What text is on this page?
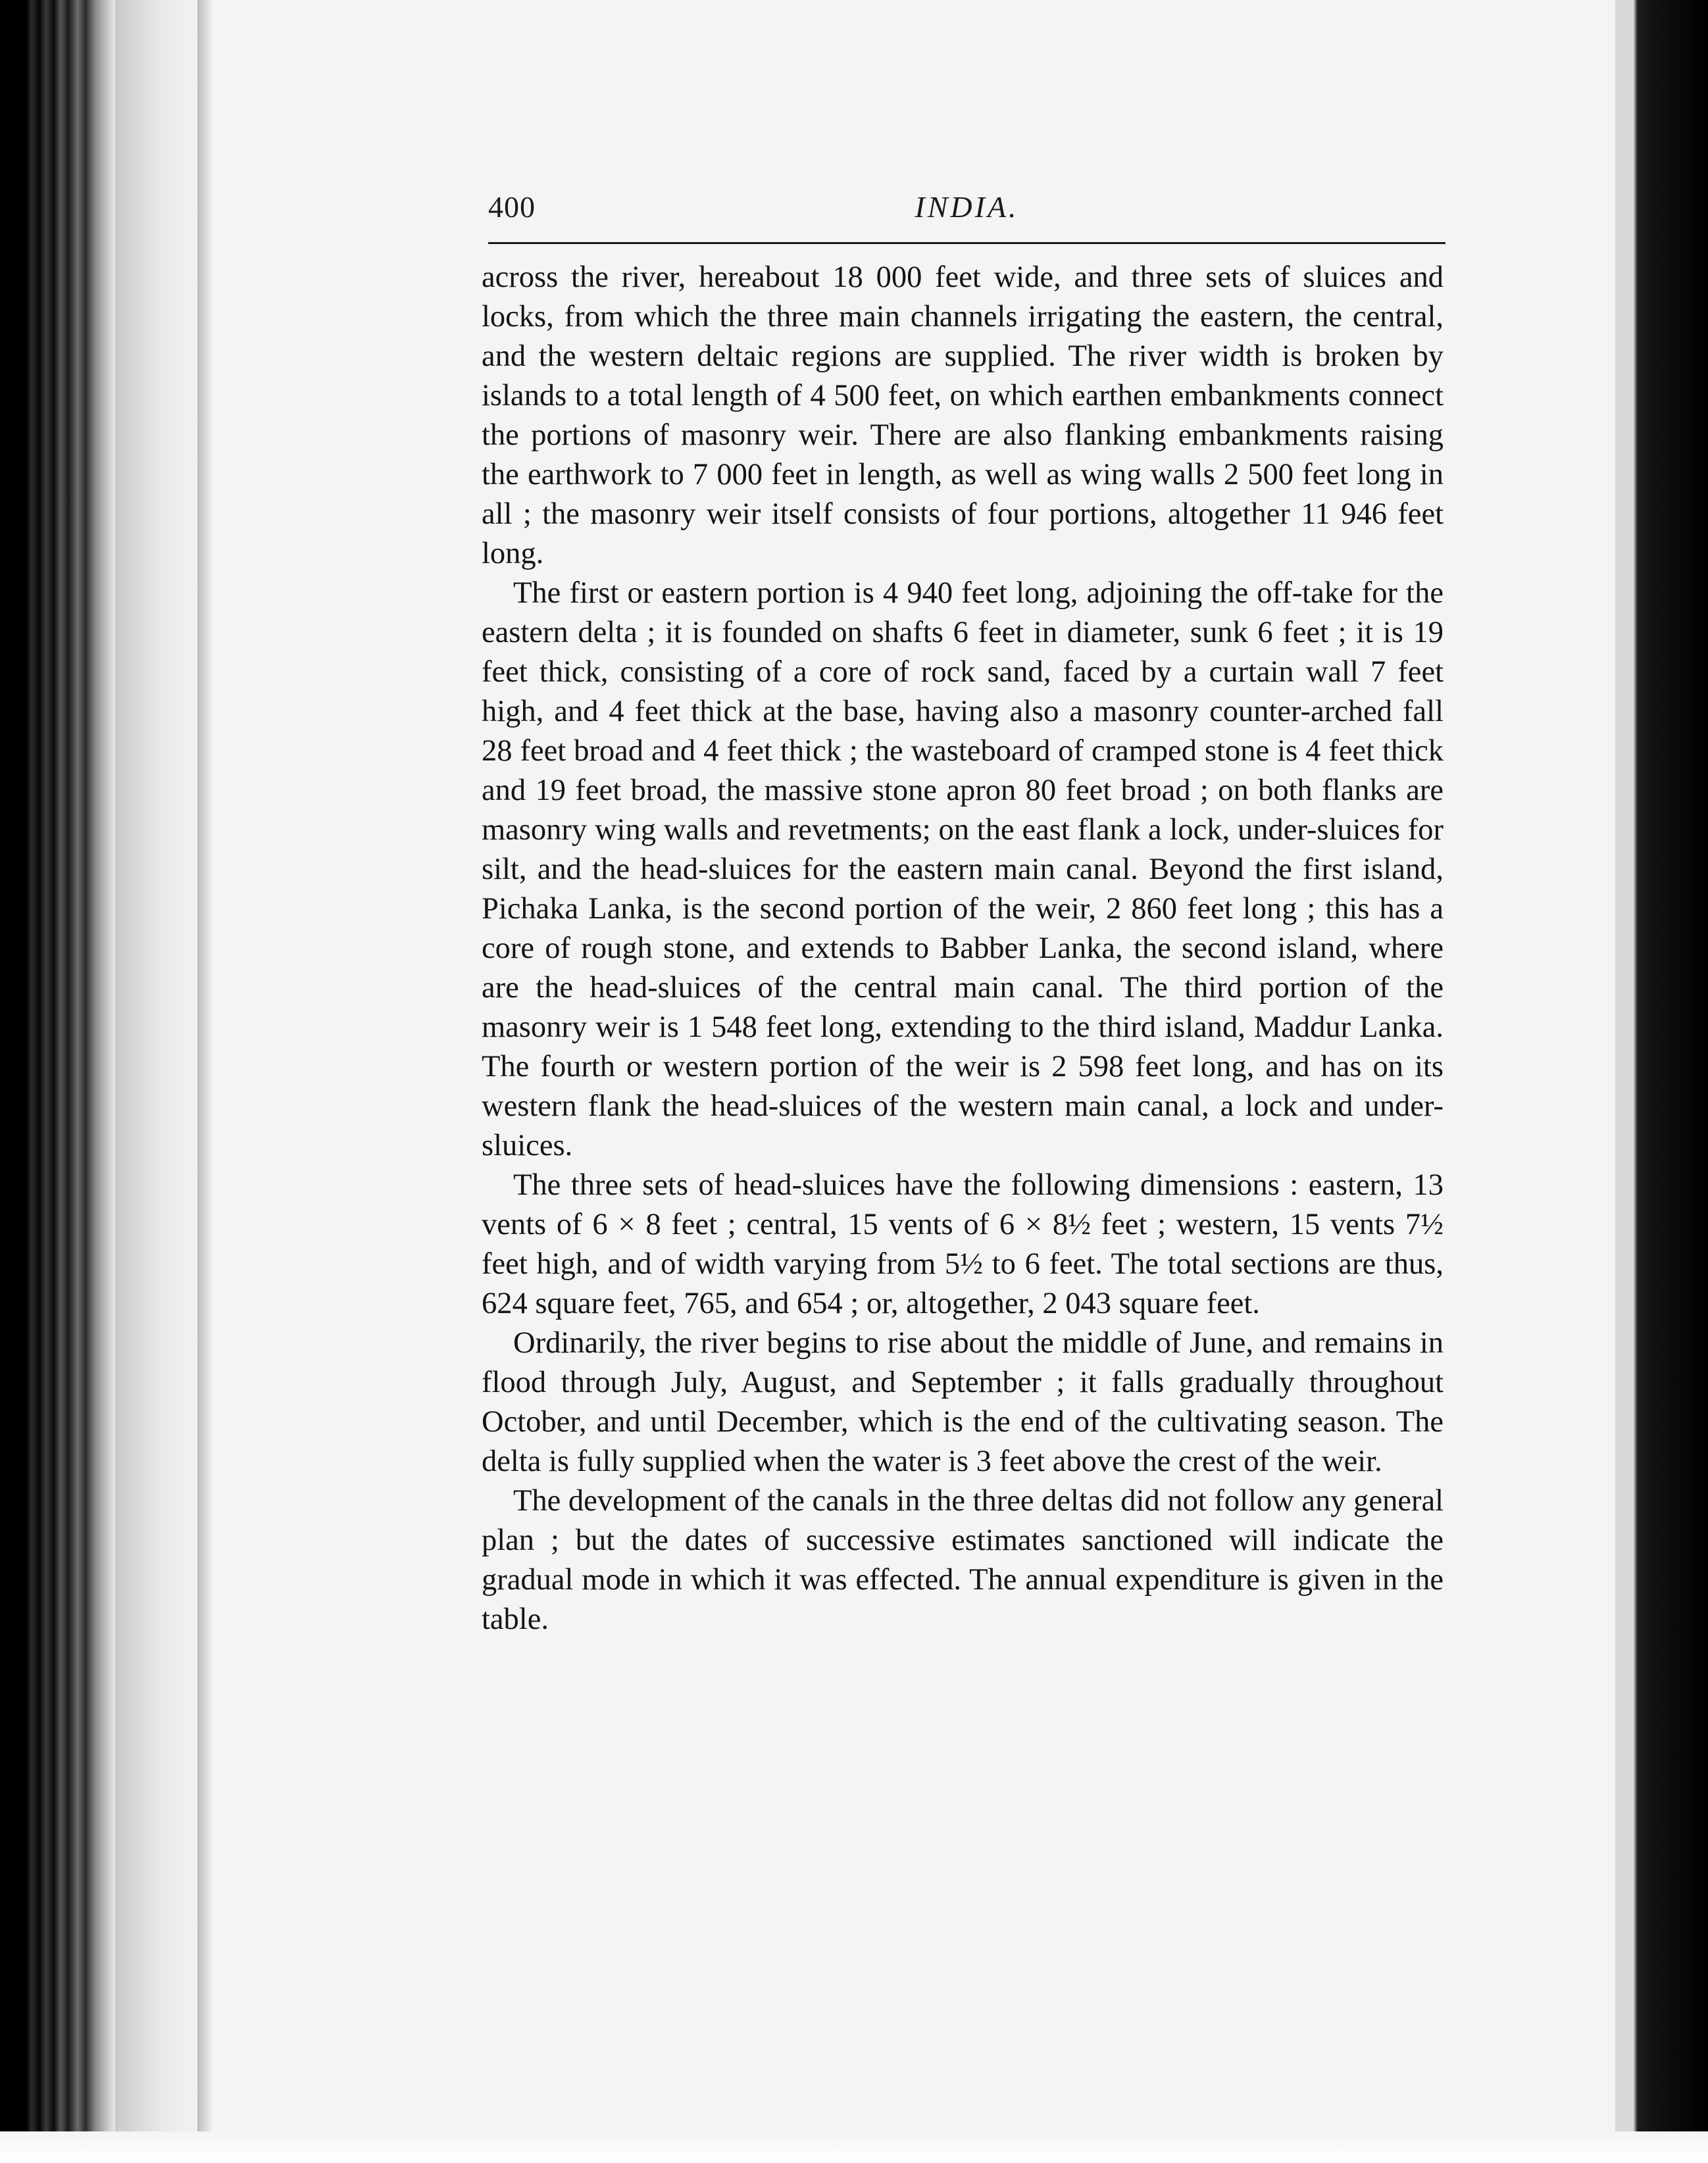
400	INDIA.

across the river, hereabout 18 000 feet wide, and three sets of sluices and locks, from which the three main channels irrigating the eastern, the central, and the western deltaic regions are supplied. The river width is broken by islands to a total length of 4 500 feet, on which earthen embankments connect the portions of masonry weir. There are also flanking embankments raising the earthwork to 7 000 feet in length, as well as wing walls 2 500 feet long in all ; the masonry weir itself consists of four portions, altogether 11 946 feet long.

The first or eastern portion is 4 940 feet long, adjoining the off-take for the eastern delta ; it is founded on shafts 6 feet in diameter, sunk 6 feet ; it is 19 feet thick, consisting of a core of rock sand, faced by a curtain wall 7 feet high, and 4 feet thick at the base, having also a masonry counter-arched fall 28 feet broad and 4 feet thick ; the wasteboard of cramped stone is 4 feet thick and 19 feet broad, the massive stone apron 80 feet broad ; on both flanks are masonry wing walls and revetments; on the east flank a lock, under-sluices for silt, and the head-sluices for the eastern main canal. Beyond the first island, Pichaka Lanka, is the second portion of the weir, 2 860 feet long ; this has a core of rough stone, and extends to Babber Lanka, the second island, where are the head-sluices of the central main canal. The third portion of the masonry weir is 1 548 feet long, extending to the third island, Maddur Lanka. The fourth or western portion of the weir is 2 598 feet long, and has on its western flank the head-sluices of the western main canal, a lock and under-sluices.

The three sets of head-sluices have the following dimensions : eastern, 13 vents of 6 × 8 feet ; central, 15 vents of 6 × 8½ feet ; western, 15 vents 7½ feet high, and of width varying from 5½ to 6 feet. The total sections are thus, 624 square feet, 765, and 654 ; or, altogether, 2 043 square feet.

Ordinarily, the river begins to rise about the middle of June, and remains in flood through July, August, and September ; it falls gradually throughout October, and until December, which is the end of the cultivating season. The delta is fully supplied when the water is 3 feet above the crest of the weir.

The development of the canals in the three deltas did not follow any general plan ; but the dates of successive estimates sanctioned will indicate the gradual mode in which it was effected. The annual expenditure is given in the table.
